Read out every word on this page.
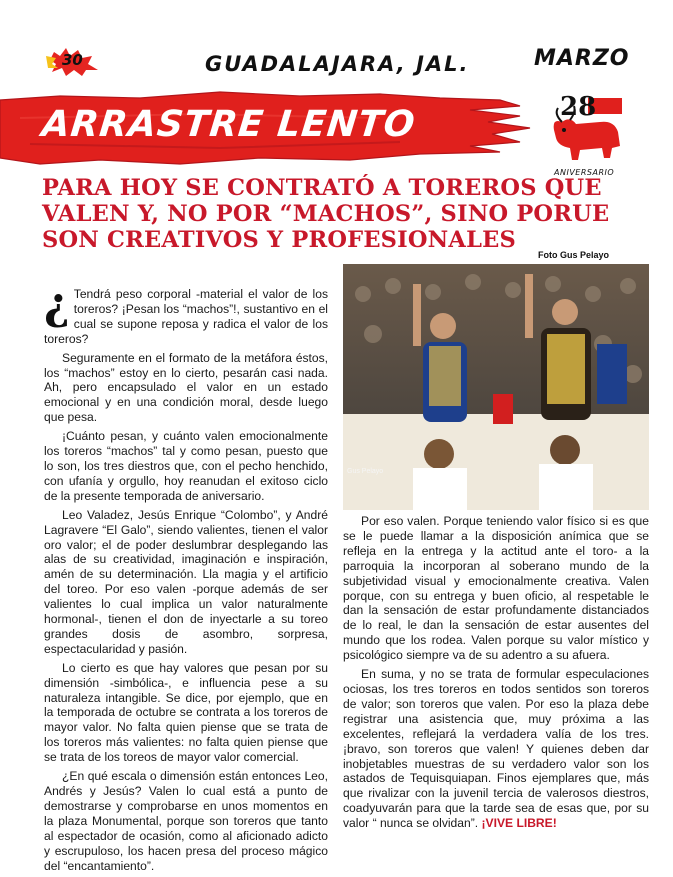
30	GUADALAJARA, JAL.	MARZO
ARRASTRE LENTO	28
ANIVERSARIO
PARA HOY SE CONTRATÓ A TOREROS QUE VALEN Y, NO POR “MACHOS”, SINO PORUE SON CREATIVOS Y PROFESIONALES
Foto Gus Pelayo
Gus Pelayo

¿ Tendrá peso corporal -material el valor de los toreros? ¡Pesan los “machos”!, sustantivo en el cual se supone reposa y radica el valor de los toreros?

Seguramente en el formato de la metáfora éstos, los “machos” estoy en lo cierto, pesarán casi nada. Ah, pero encapsulado el valor en un estado emocional y en una condición moral, desde luego que pesa.

¡Cuánto pesan, y cuánto valen emocionalmente los toreros “machos” tal y como pesan, puesto que lo son, los tres diestros que, con el pecho henchido, con ufanía y orgullo, hoy reanudan el exitoso ciclo de la presente temporada de aniversario.

Leo Valadez, Jesús Enrique “Colombo”, y André Lagravere “El Galo”, siendo valientes, tienen el valor oro valor; el de poder deslumbrar desplegando las alas de su creatividad, imaginación e inspiración, amén de su determinación. Lla magia y el artificio del toreo. Por eso valen -porque además de ser valientes lo cual implica un valor naturalmente hormonal-, tienen el don de inyectarle a su toreo grandes dosis de asombro, sorpresa, espectacularidad y pasión.

Lo cierto es que hay valores que pesan por su dimensión -simbólica-, e influencia pese a su naturaleza intangible. Se dice, por ejemplo, que en la temporada de octubre se contrata a los toreros de mayor valor. No falta quien piense que se trata de los toreros más valientes: no falta quien piense que se trata de los toreos de mayor valor comercial.

¿En qué escala o dimensión están entonces Leo, Andrés y Jesús? Valen lo cual está a punto de demostrarse y comprobarse en unos momentos en la plaza Monumental, porque son toreros que tanto al espectador de ocasión, como al aficionado adicto y escrupuloso, los hacen presa del proceso mágico del “encantamiento”.

Por eso valen. Porque teniendo valor físico si es que se le puede llamar a la disposición anímica que se refleja en la entrega y la actitud ante el toro- a la parroquia la incorporan al soberano mundo de la subjetividad visual y emocionalmente creativa. Valen porque, con su entrega y buen oficio, al respetable le dan la sensación de estar profundamente distanciados de lo real, le dan la sensación de estar ausentes del mundo que los rodea. Valen porque su valor místico y psicológico siempre va de su adentro a su afuera.

En suma, y no se trata de formular especulaciones ociosas, los tres toreros en todos sentidos son toreros de valor; son toreros que valen. Por eso la plaza debe registrar una asistencia que, muy próxima a las excelentes, reflejará la verdadera valía de los tres. ¡bravo, son toreros que valen! Y quienes deben dar inobjetables muestras de su verdadero valor son los astados de Tequisquiapan. Finos ejemplares que, más que rivalizar con la juvenil tercia de valerosos diestros, coadyuvarán para que la tarde sea de esas que, por su valor “ nunca se olvidan”. ¡VIVE LIBRE!
